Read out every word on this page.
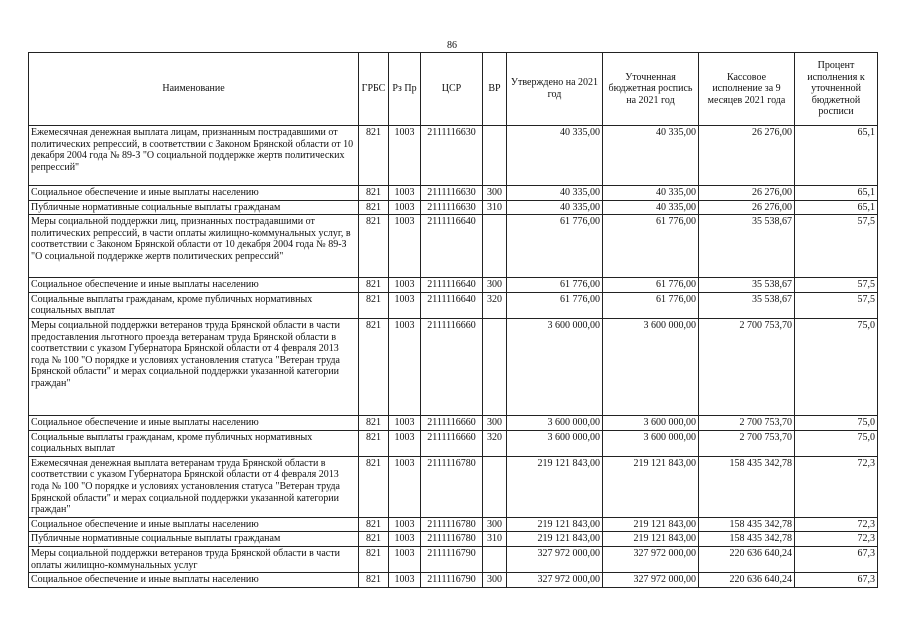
86
Наименование	ГРБС	Рз Пр	ЦСР	ВР	Утверждено на 2021 год	Уточненная бюджетная роспись на 2021 год	Кассовое исполнение за 9 месяцев 2021 года	Процент исполнения к уточненной бюджетной росписи
Ежемесячная денежная выплата лицам, признанным пострадавшими от политических репрессий, в соответствии с Законом Брянской области от 10 декабря 2004 года № 89-З "О социальной поддержке жертв политических репрессий"	821	1003	2111116630		40 335,00	40 335,00	26 276,00	65,1
Социальное обеспечение и иные выплаты населению	821	1003	2111116630	300	40 335,00	40 335,00	26 276,00	65,1
Публичные нормативные социальные выплаты гражданам	821	1003	2111116630	310	40 335,00	40 335,00	26 276,00	65,1
Меры социальной поддержки лиц, признанных пострадавшими от политических репрессий, в части оплаты жилищно-коммунальных услуг, в соответствии с Законом Брянской области от 10 декабря 2004 года № 89-З "О социальной поддержке жертв политических репрессий"	821	1003	2111116640		61 776,00	61 776,00	35 538,67	57,5
Социальное обеспечение и иные выплаты населению	821	1003	2111116640	300	61 776,00	61 776,00	35 538,67	57,5
Социальные выплаты гражданам, кроме публичных нормативных социальных выплат	821	1003	2111116640	320	61 776,00	61 776,00	35 538,67	57,5
Меры социальной поддержки ветеранов труда Брянской области в части предоставления льготного проезда ветеранам труда Брянской области в соответствии с указом Губернатора Брянской области от 4 февраля 2013 года № 100 "О порядке и условиях установления статуса "Ветеран труда Брянской области" и мерах социальной поддержки указанной категории граждан"	821	1003	2111116660		3 600 000,00	3 600 000,00	2 700 753,70	75,0
Социальное обеспечение и иные выплаты населению	821	1003	2111116660	300	3 600 000,00	3 600 000,00	2 700 753,70	75,0
Социальные выплаты гражданам, кроме публичных нормативных социальных выплат	821	1003	2111116660	320	3 600 000,00	3 600 000,00	2 700 753,70	75,0
Ежемесячная денежная выплата ветеранам труда Брянской области в соответствии с указом Губернатора Брянской области от 4 февраля 2013 года № 100 "О порядке и условиях установления статуса "Ветеран труда Брянской области" и мерах социальной поддержки указанной категории граждан"	821	1003	2111116780		219 121 843,00	219 121 843,00	158 435 342,78	72,3
Социальное обеспечение и иные выплаты населению	821	1003	2111116780	300	219 121 843,00	219 121 843,00	158 435 342,78	72,3
Публичные нормативные социальные выплаты гражданам	821	1003	2111116780	310	219 121 843,00	219 121 843,00	158 435 342,78	72,3
Меры социальной поддержки ветеранов труда Брянской области в части оплаты жилищно-коммунальных услуг	821	1003	2111116790		327 972 000,00	327 972 000,00	220 636 640,24	67,3
Социальное обеспечение и иные выплаты населению	821	1003	2111116790	300	327 972 000,00	327 972 000,00	220 636 640,24	67,3
